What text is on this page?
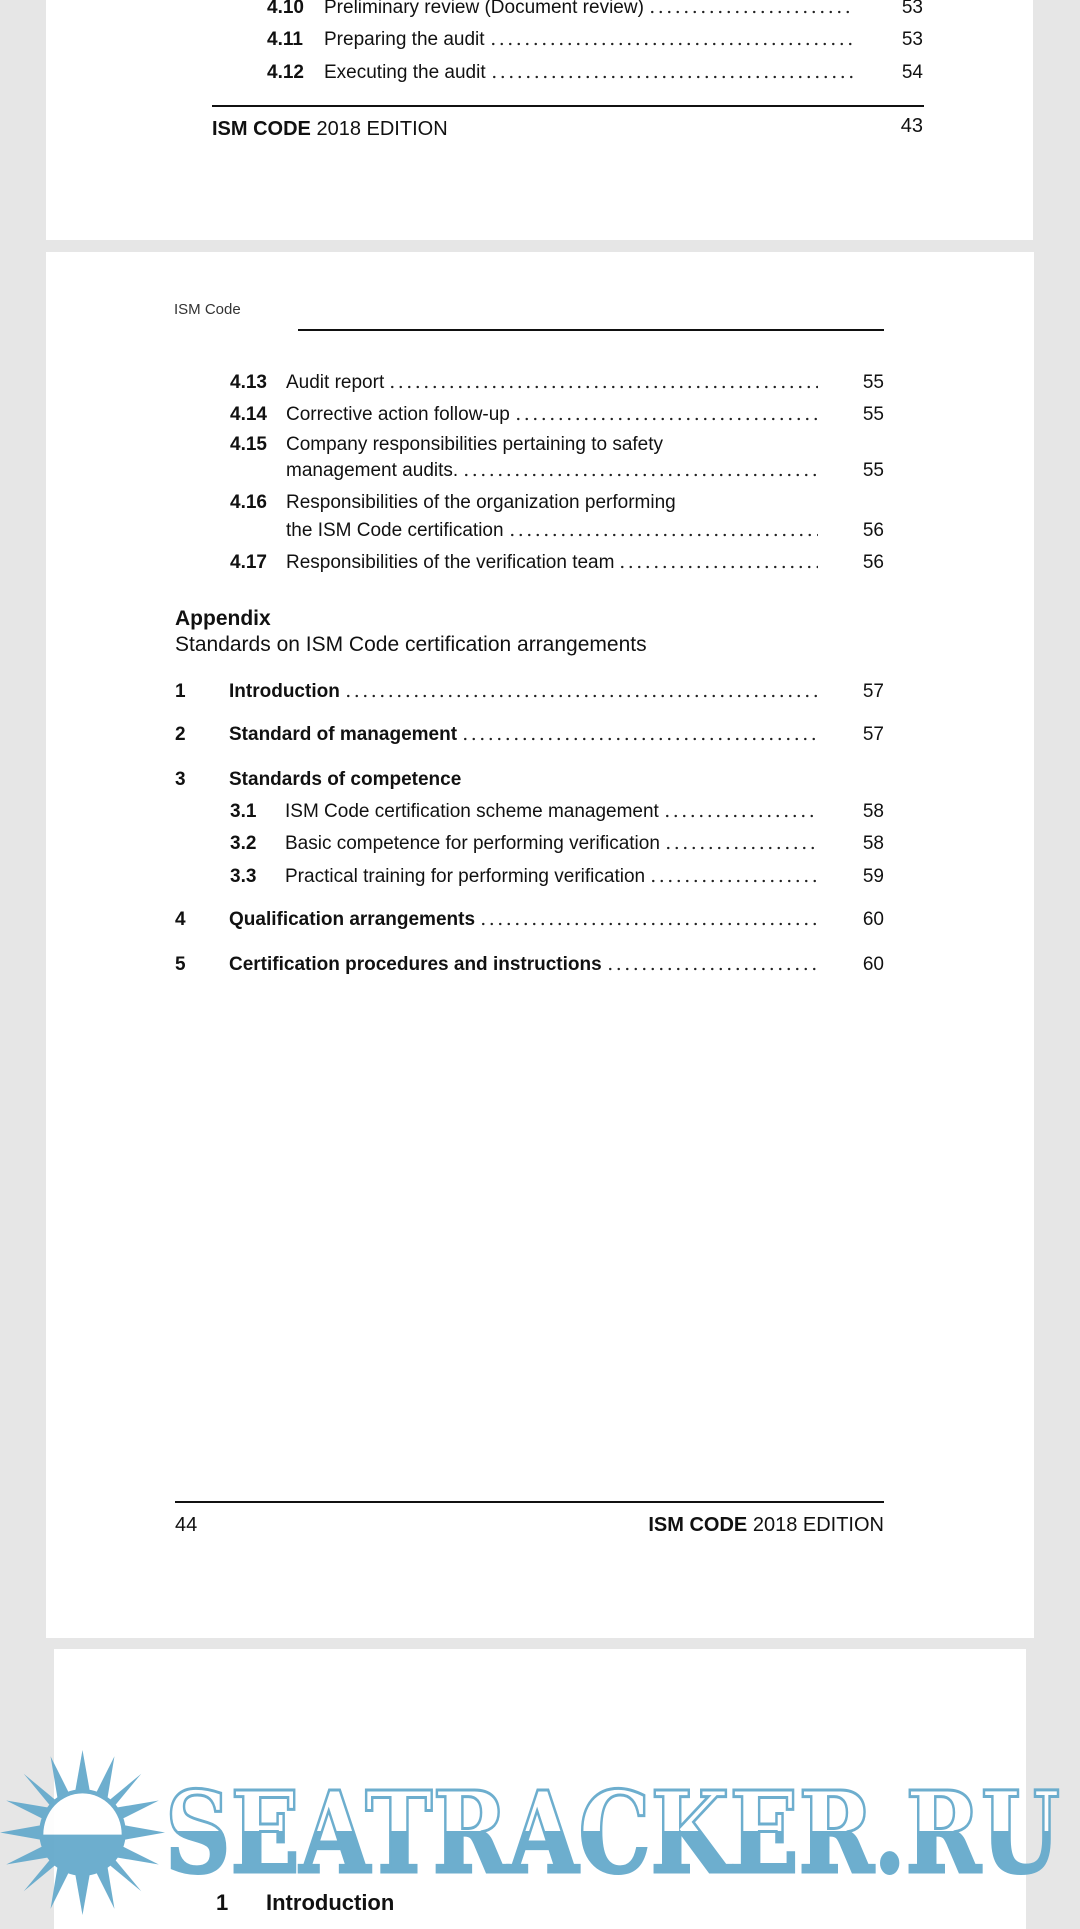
4.10	Preliminary review (Document review)	53
4.11	Preparing the audit	53
4.12	Executing the audit	54
ISM CODE 2018 EDITION	43
ISM Code
4.13	Audit report	55
4.14	Corrective action follow-up	55
4.15	Company responsibilities pertaining to safety
management audits.	55
4.16	Responsibilities of the organization performing
the ISM Code certification	56
4.17	Responsibilities of the verification team	56
Appendix
Standards on ISM Code certification arrangements
1	Introduction	57
2	Standard of management	57
3	Standards of competence
3.1	ISM Code certification scheme management	58
3.2	Basic competence for performing verification	58
3.3	Practical training for performing verification	59
4	Qualification arrangements	60
5	Certification procedures and instructions	60
44	ISM CODE 2018 EDITION
1 Introduction
SEATRACKER.RU
